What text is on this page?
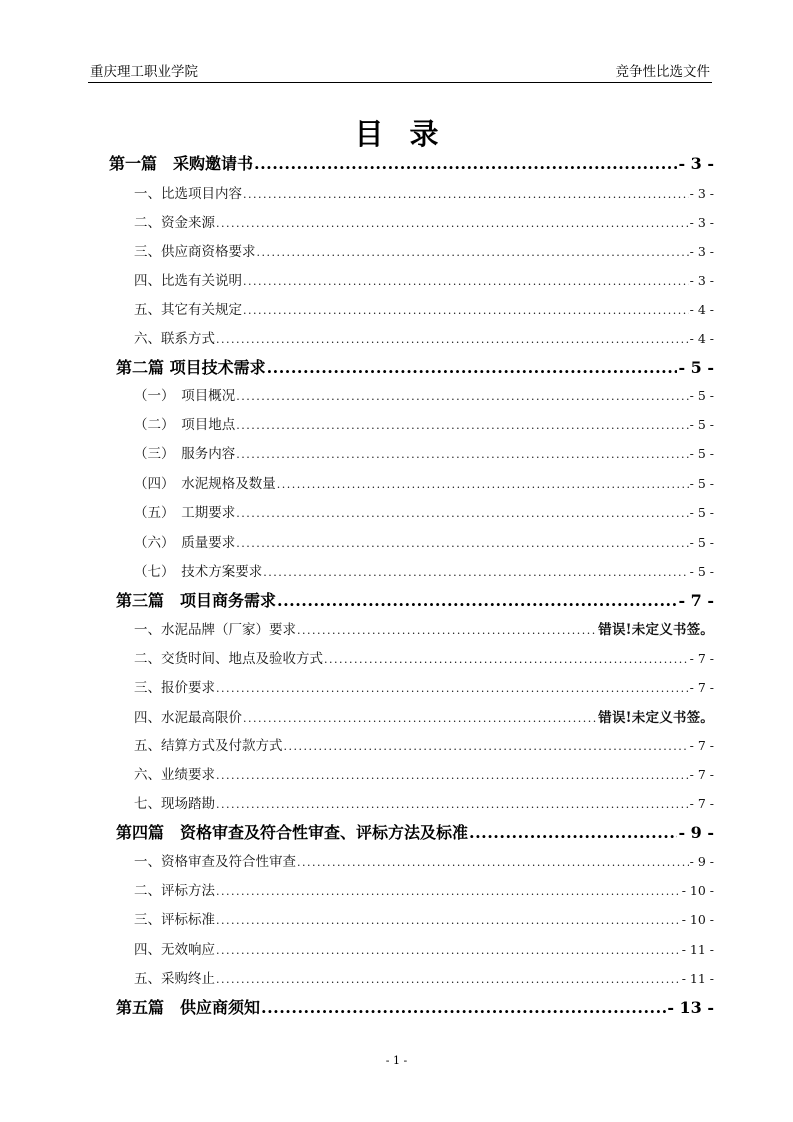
重庆理工职业学院	竞争性比选文件
目录
第一篇　采购邀请书 .....	- 3 -
一、比选项目内容 .....	- 3 -
二、资金来源 .....	- 3 -
三、供应商资格要求 .....	- 3 -
四、比选有关说明 .....	- 3 -
五、其它有关规定 .....	- 4 -
六、联系方式 .....	- 4 -
第二篇 项目技术需求 .....	- 5 -
（一）　项目概况 .....	- 5 -
（二）　项目地点 .....	- 5 -
（三）　服务内容 .....	- 5 -
（四）　水泥规格及数量 .....	- 5 -
（五）　工期要求 .....	- 5 -
（六）　质量要求 .....	- 5 -
（七）　技术方案要求 .....	- 5 -
第三篇　项目商务需求 .....	- 7 -
一、水泥品牌（厂家）要求 .....	错误!未定义书签。
二、交货时间、地点及验收方式 .....	- 7 -
三、报价要求 .....	- 7 -
四、水泥最高限价 .....	错误!未定义书签。
五、结算方式及付款方式 .....	- 7 -
六、业绩要求 .....	- 7 -
七、现场踏勘 .....	- 7 -
第四篇　资格审查及符合性审查、评标方法及标准 .....	- 9 -
一、资格审查及符合性审查 .....	- 9 -
二、评标方法 .....	- 10 -
三、评标标准 .....	- 10 -
四、无效响应 .....	- 11 -
五、采购终止 .....	- 11 -
第五篇　供应商须知 .....	- 13 -
- 1 -
